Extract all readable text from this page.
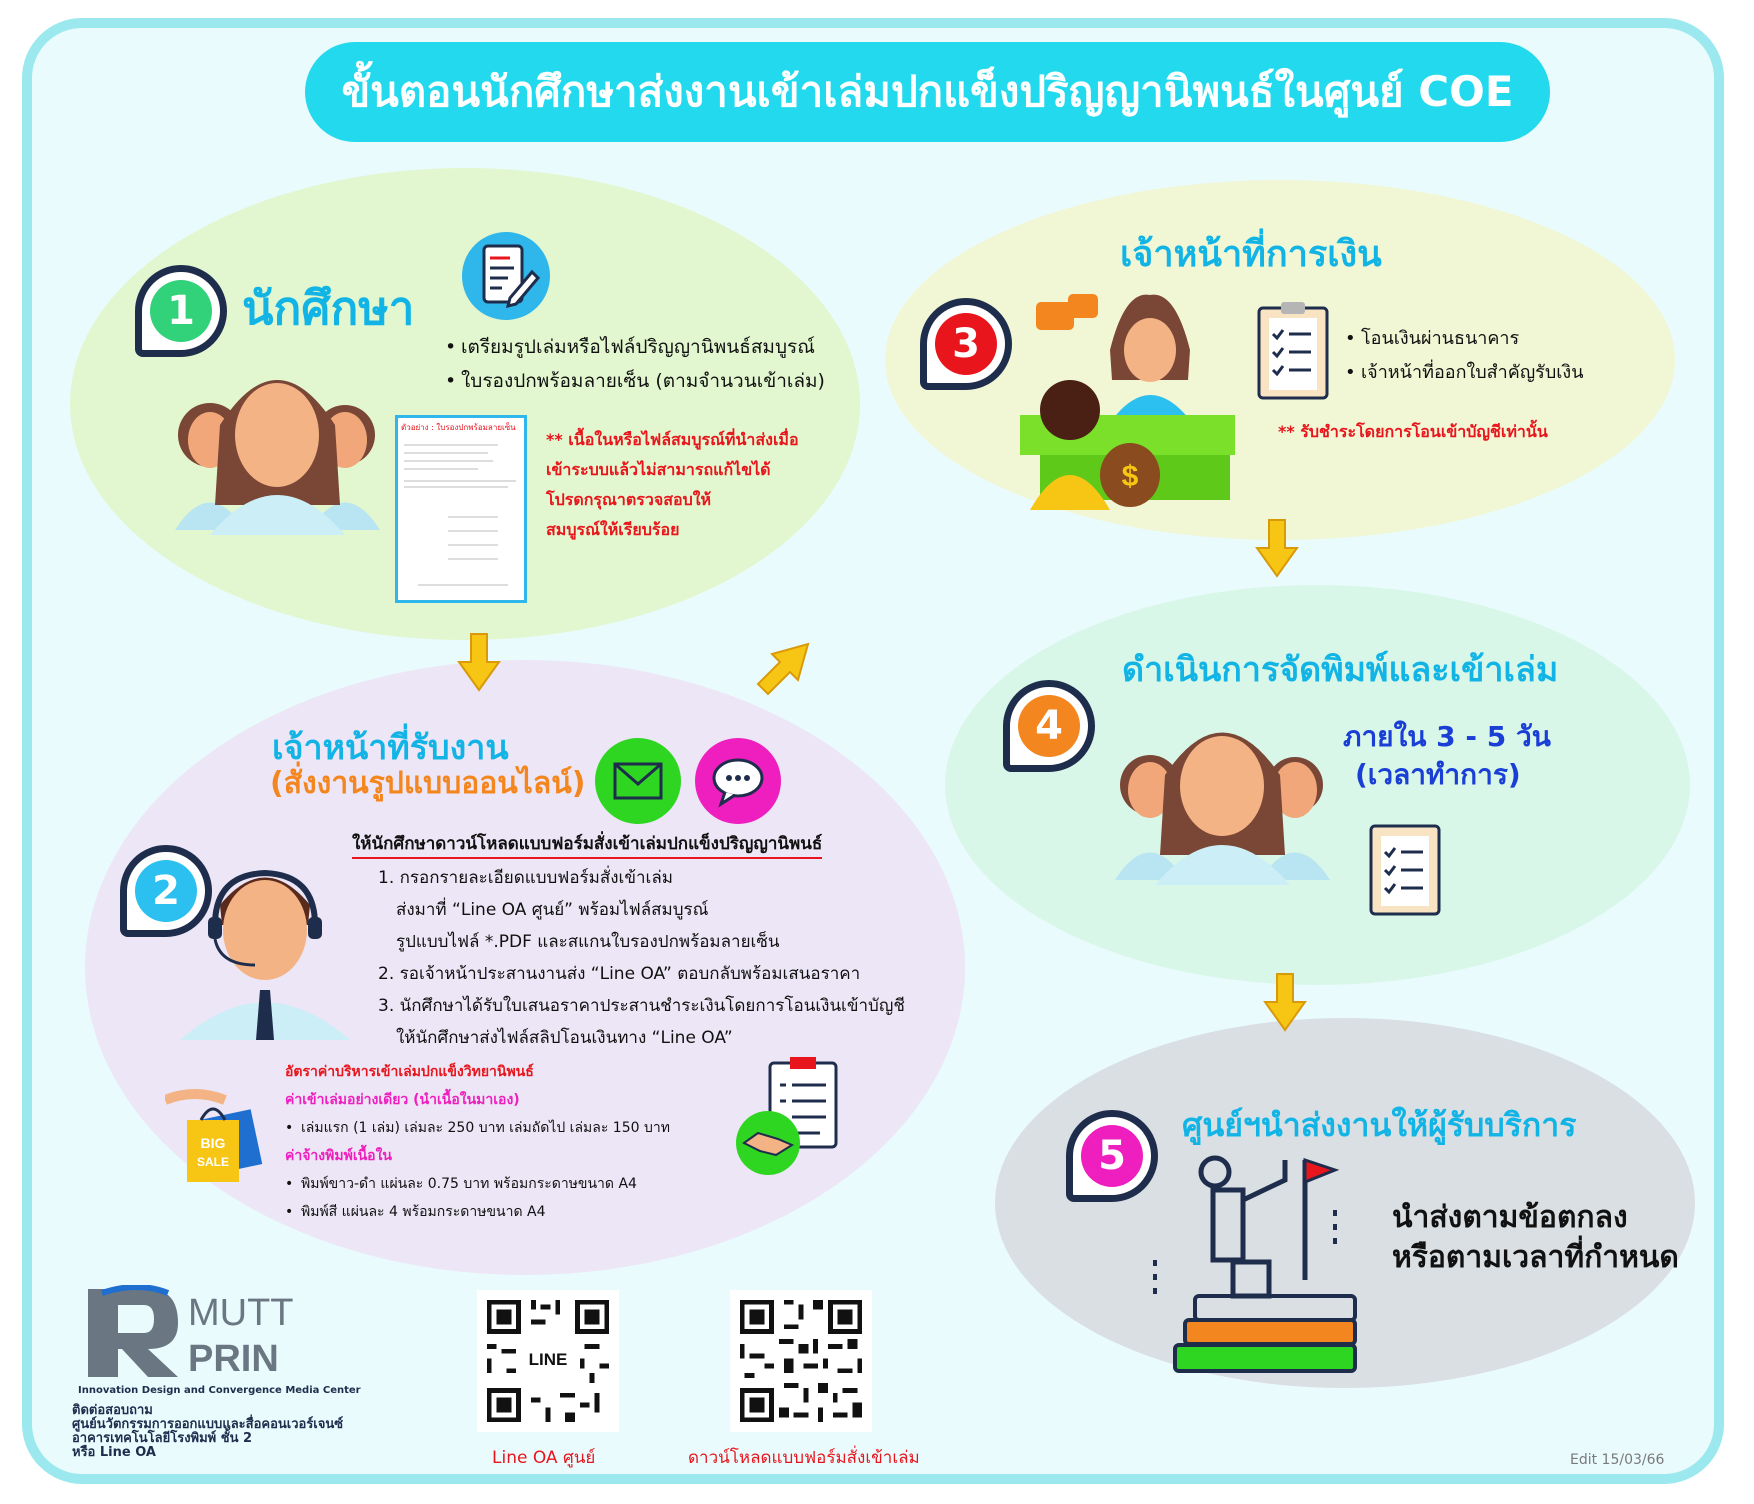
ขั้นตอนนักศึกษาส่งงานเข้าเล่มปกแข็งปริญญานิพนธ์ในศูนย์ COE
1	นักศึกษา
• เตรียมรูปเล่มหรือไฟล์ปริญญานิพนธ์สมบูรณ์
• ใบรองปกพร้อมลายเซ็น (ตามจำนวนเข้าเล่ม)
ตัวอย่าง : ใบรองปกพร้อมลายเซ็น
** เนื้อในหรือไฟล์สมบูรณ์ที่นำส่งเมื่อ
เข้าระบบแล้วไม่สามารถแก้ไขได้
โปรดกรุณาตรวจสอบให้
สมบูรณ์ให้เรียบร้อย
เจ้าหน้าที่รับงาน
(สั่งงานรูปแบบออนไลน์)
2
ให้นักศึกษาดาวน์โหลดแบบฟอร์มสั่งเข้าเล่มปกแข็งปริญญานิพนธ์
1. กรอกรายละเอียดแบบฟอร์มสั่งเข้าเล่ม
ส่งมาที่ “Line OA ศูนย์” พร้อมไฟล์สมบูรณ์
รูปแบบไฟล์ *.PDF และสแกนใบรองปกพร้อมลายเซ็น
2. รอเจ้าหน้าประสานงานส่ง “Line OA” ตอบกลับพร้อมเสนอราคา
3. นักศึกษาได้รับใบเสนอราคาประสานชำระเงินโดยการโอนเงินเข้าบัญชี
ให้นักศึกษาส่งไฟล์สลิปโอนเงินทาง “Line OA”
BIG
SALE
อัตราค่าบริหารเข้าเล่มปกแข็งวิทยานิพนธ์
ค่าเข้าเล่มอย่างเดียว (นำเนื้อในมาเอง)
• เล่มแรก (1 เล่ม) เล่มละ 250 บาท เล่มถัดไป เล่มละ 150 บาท
ค่าจ้างพิมพ์เนื้อใน
• พิมพ์ขาว-ดำ แผ่นละ 0.75 บาท พร้อมกระดาษขนาด A4
• พิมพ์สี แผ่นละ 4 พร้อมกระดาษขนาด A4
เจ้าหน้าที่การเงิน
3
$
• โอนเงินผ่านธนาคาร
• เจ้าหน้าที่ออกใบสำคัญรับเงิน
** รับชำระโดยการโอนเข้าบัญชีเท่านั้น
ดำเนินการจัดพิมพ์และเข้าเล่ม
4	ภายใน 3 - 5 วัน
(เวลาทำการ)
ศูนย์ฯนำส่งงานให้ผู้รับบริการ
5
นำส่งตามข้อตกลง
หรือตามเวลาที่กำหนด
MUTT
PRIN
Innovation Design and Convergence Media Center
ติดต่อสอบถาม
ศูนย์นวัตกรรมการออกแบบและสื่อคอนเวอร์เจนซ์
อาคารเทคโนโลยีโรงพิมพ์ ชั้น 2
หรือ Line OA
LINE
Line OA ศูนย์	ดาวน์โหลดแบบฟอร์มสั่งเข้าเล่ม	Edit 15/03/66
